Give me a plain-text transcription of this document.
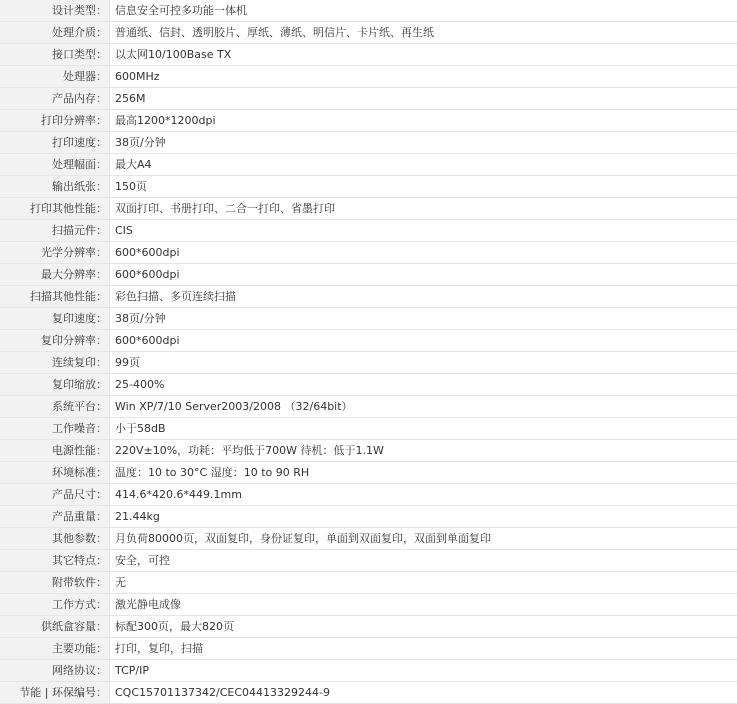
设计类型：	信息安全可控多功能一体机
处理介质：	普通纸、信封、透明胶片、厚纸、薄纸、明信片、卡片纸、再生纸
接口类型：	以太网10/100Base TX
处理器：	600MHz
产品内存：	256M
打印分辨率：	最高1200*1200dpi
打印速度：	38页/分钟
处理幅面：	最大A4
输出纸张：	150页
打印其他性能：	双面打印、书册打印、二合一打印、省墨打印
扫描元件：	CIS
光学分辨率：	600*600dpi
最大分辨率：	600*600dpi
扫描其他性能：	彩色扫描、多页连续扫描
复印速度：	38页/分钟
复印分辨率：	600*600dpi
连续复印：	99页
复印缩放：	25-400%
系统平台：	Win XP/7/10 Server2003/2008 （32/64bit）
工作噪音：	小于58dB
电源性能：	220V±10%，功耗：平均低于700W 待机：低于1.1W
环境标准：	温度：10 to 30°C 湿度：10 to 90 RH
产品尺寸：	414.6*420.6*449.1mm
产品重量：	21.44kg
其他参数：	月负荷80000页，双面复印，身份证复印，单面到双面复印，双面到单面复印
其它特点：	安全，可控
附带软件：	无
工作方式：	激光静电成像
供纸盒容量：	标配300页，最大820页
主要功能：	打印，复印，扫描
网络协议：	TCP/IP
节能 | 环保编号：	CQC15701137342/CEC04413329244-9
